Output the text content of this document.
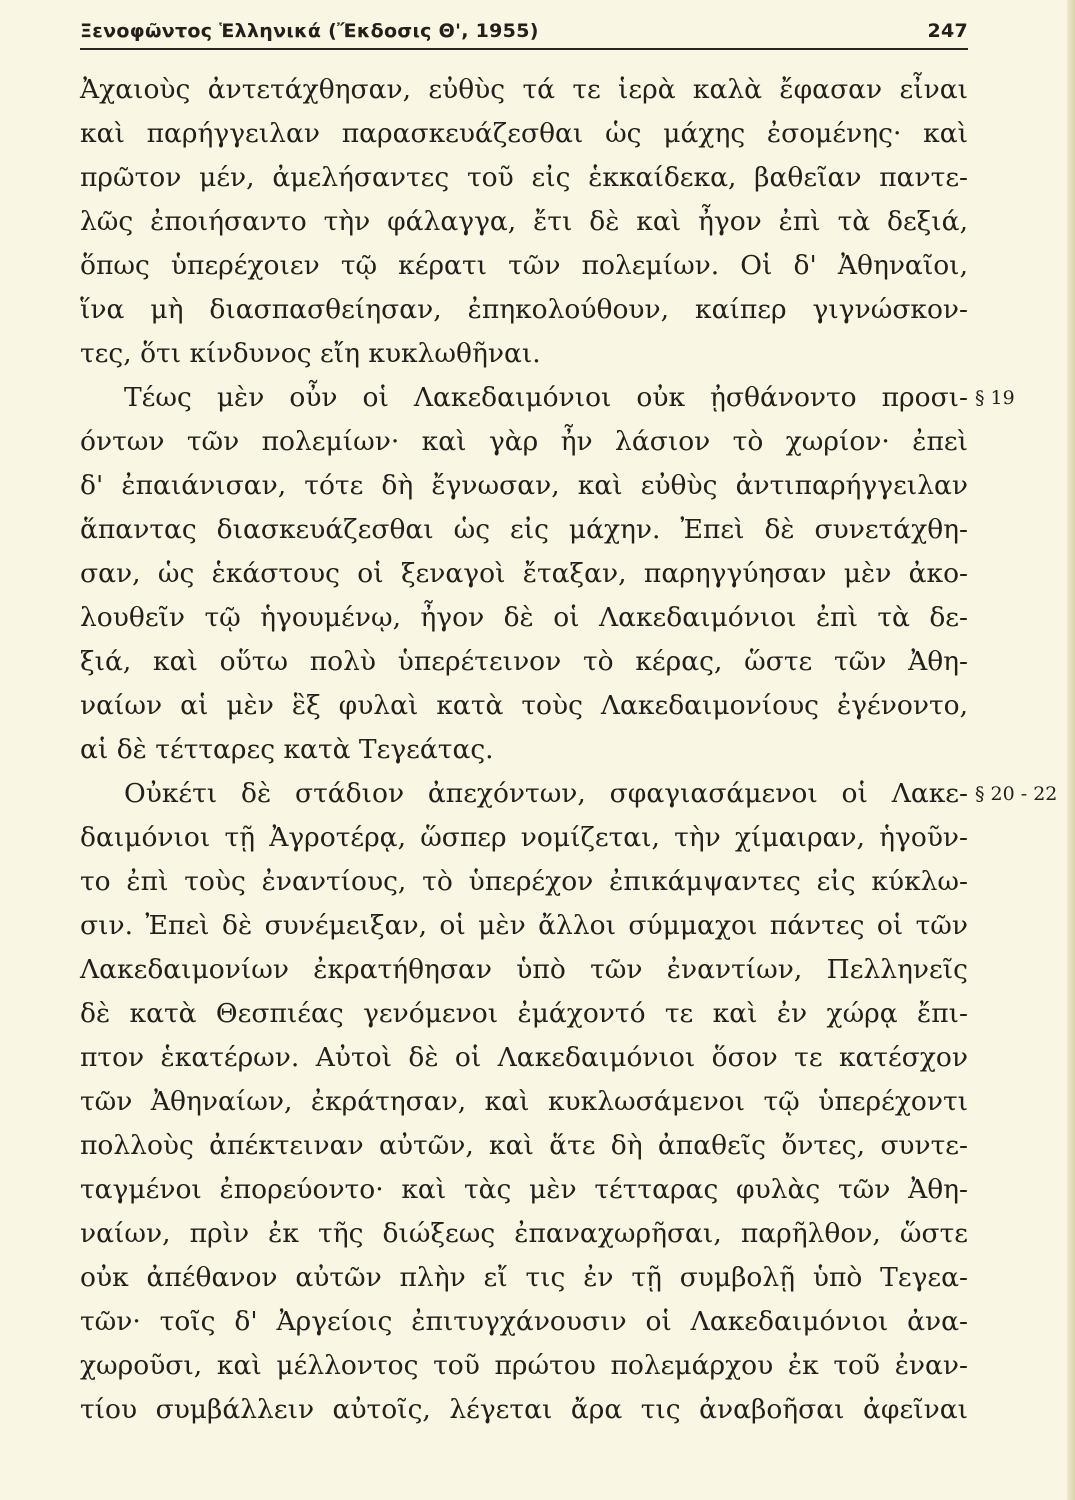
Ξενοφῶντος Ἑλληνικά (Ἔκδοσις Θ', 1955)	247
Ἀχαιοὺς ἀντετάχθησαν, εὐθὺς τά τε ἱερὰ καλὰ ἔφασαν εἶναι
καὶ παρήγγειλαν παρασκευάζεσθαι ὡς μάχης ἐσομένης· καὶ
πρῶτον μέν, ἀμελήσαντες τοῦ εἰς ἑκκαίδεκα, βαθεῖαν παντε-
λῶς ἐποιήσαντο τὴν φάλαγγα, ἔτι δὲ καὶ ἦγον ἐπὶ τὰ δεξιά,
ὅπως ὑπερέχοιεν τῷ κέρατι τῶν πολεμίων. Οἱ δ' Ἀθηναῖοι,
ἵνα μὴ διασπασθείησαν, ἐπηκολούθουν, καίπερ γιγνώσκον-
τες, ὅτι κίνδυνος εἴη κυκλωθῆναι.
Τέως μὲν οὖν οἱ Λακεδαιμόνιοι οὐκ ᾐσθάνοντο προσι-
όντων τῶν πολεμίων· καὶ γὰρ ἦν λάσιον τὸ χωρίον· ἐπεὶ
δ' ἐπαιάνισαν, τότε δὴ ἔγνωσαν, καὶ εὐθὺς ἀντιπαρήγγειλαν
ἅπαντας διασκευάζεσθαι ὡς εἰς μάχην. Ἐπεὶ δὲ συνετάχθη-
σαν, ὡς ἑκάστους οἱ ξεναγοὶ ἔταξαν, παρηγγύησαν μὲν ἀκο-
λουθεῖν τῷ ἡγουμένῳ, ἦγον δὲ οἱ Λακεδαιμόνιοι ἐπὶ τὰ δε-
ξιά, καὶ οὕτω πολὺ ὑπερέτεινον τὸ κέρας, ὥστε τῶν Ἀθη-
ναίων αἱ μὲν ἓξ φυλαὶ κατὰ τοὺς Λακεδαιμονίους ἐγένοντο,
αἱ δὲ τέτταρες κατὰ Τεγεάτας.
Οὐκέτι δὲ στάδιον ἀπεχόντων, σφαγιασάμενοι οἱ Λακε-
δαιμόνιοι τῇ Ἀγροτέρᾳ, ὥσπερ νομίζεται, τὴν χίμαιραν, ἡγοῦν-
το ἐπὶ τοὺς ἐναντίους, τὸ ὑπερέχον ἐπικάμψαντες εἰς κύκλω-
σιν. Ἐπεὶ δὲ συνέμειξαν, οἱ μὲν ἄλλοι σύμμαχοι πάντες οἱ τῶν
Λακεδαιμονίων ἐκρατήθησαν ὑπὸ τῶν ἐναντίων, Πελληνεῖς
δὲ κατὰ Θεσπιέας γενόμενοι ἐμάχοντό τε καὶ ἐν χώρᾳ ἔπι-
πτον ἑκατέρων. Αὐτοὶ δὲ οἱ Λακεδαιμόνιοι ὅσον τε κατέσχον
τῶν Ἀθηναίων, ἐκράτησαν, καὶ κυκλωσάμενοι τῷ ὑπερέχοντι
πολλοὺς ἀπέκτειναν αὐτῶν, καὶ ἅτε δὴ ἀπαθεῖς ὄντες, συντε-
ταγμένοι ἐπορεύοντο· καὶ τὰς μὲν τέτταρας φυλὰς τῶν Ἀθη-
ναίων, πρὶν ἐκ τῆς διώξεως ἐπαναχωρῆσαι, παρῆλθον, ὥστε
οὐκ ἀπέθανον αὐτῶν πλὴν εἴ τις ἐν τῇ συμβολῇ ὑπὸ Τεγεα-
τῶν· τοῖς δ' Ἀργείοις ἐπιτυγχάνουσιν οἱ Λακεδαιμόνιοι ἀνα-
χωροῦσι, καὶ μέλλοντος τοῦ πρώτου πολεμάρχου ἐκ τοῦ ἐναν-
τίου συμβάλλειν αὐτοῖς, λέγεται ἄρα τις ἀναβοῆσαι ἀφεῖναι
§ 19
§ 20 - 22
